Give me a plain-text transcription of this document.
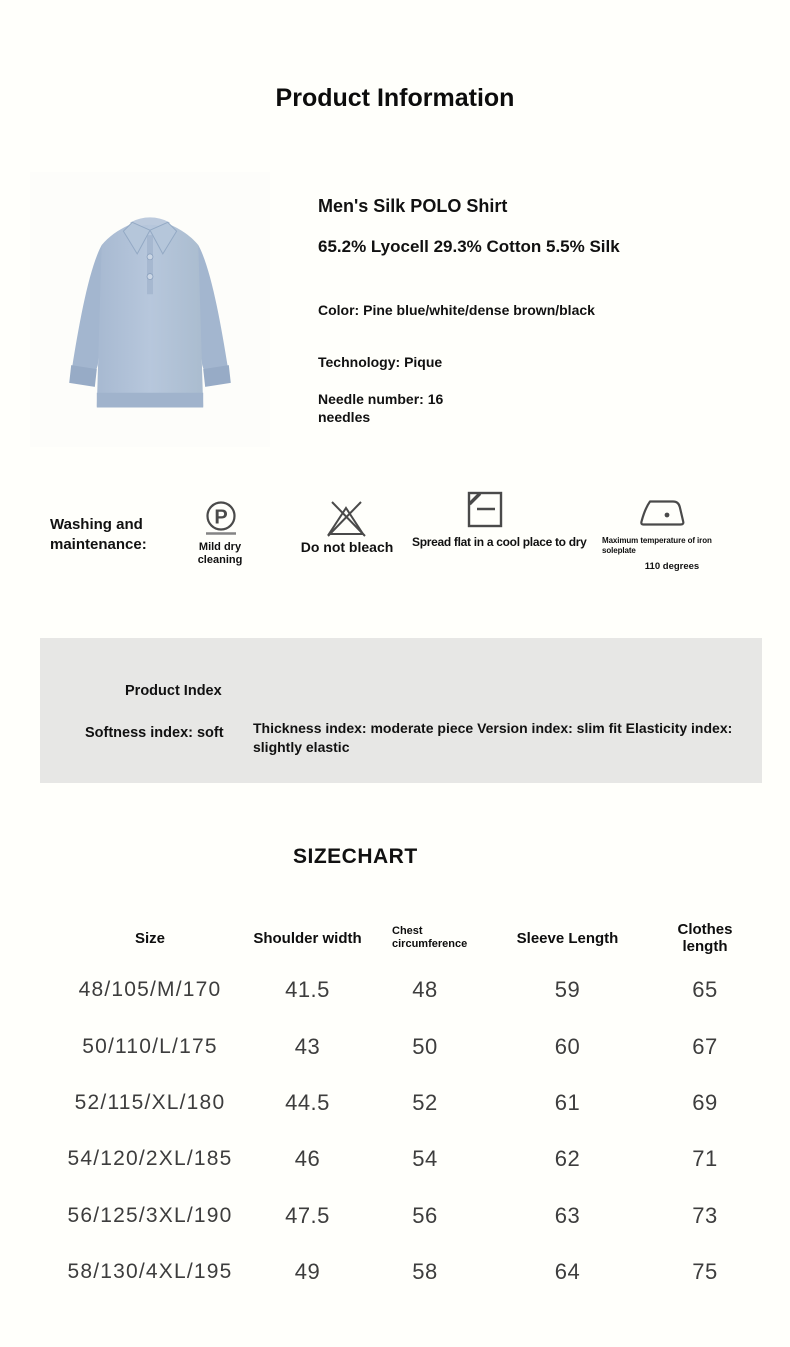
Product Information
Men's Silk POLO Shirt
65.2% Lyocell 29.3% Cotton 5.5% Silk
Color: Pine blue/white/dense brown/black
Technology: Pique
Needle number: 16 needles
Washing and maintenance:
P
Mild dry cleaning
Do not bleach	Spread flat in a cool place to dry	Maximum temperature of iron soleplate
110 degrees
Product Index
Softness index: soft Thickness index: moderate piece Version index: slim fit Elasticity index: slightly elastic
SIZECHART
Size	Shoulder width	Chest circumference	Sleeve Length	Clothes length
48/105/M/170	41.5	48	59	65
50/110/L/175	43	50	60	67
52/115/XL/180	44.5	52	61	69
54/120/2XL/185	46	54	62	71
56/125/3XL/190	47.5	56	63	73
58/130/4XL/195	49	58	64	75
